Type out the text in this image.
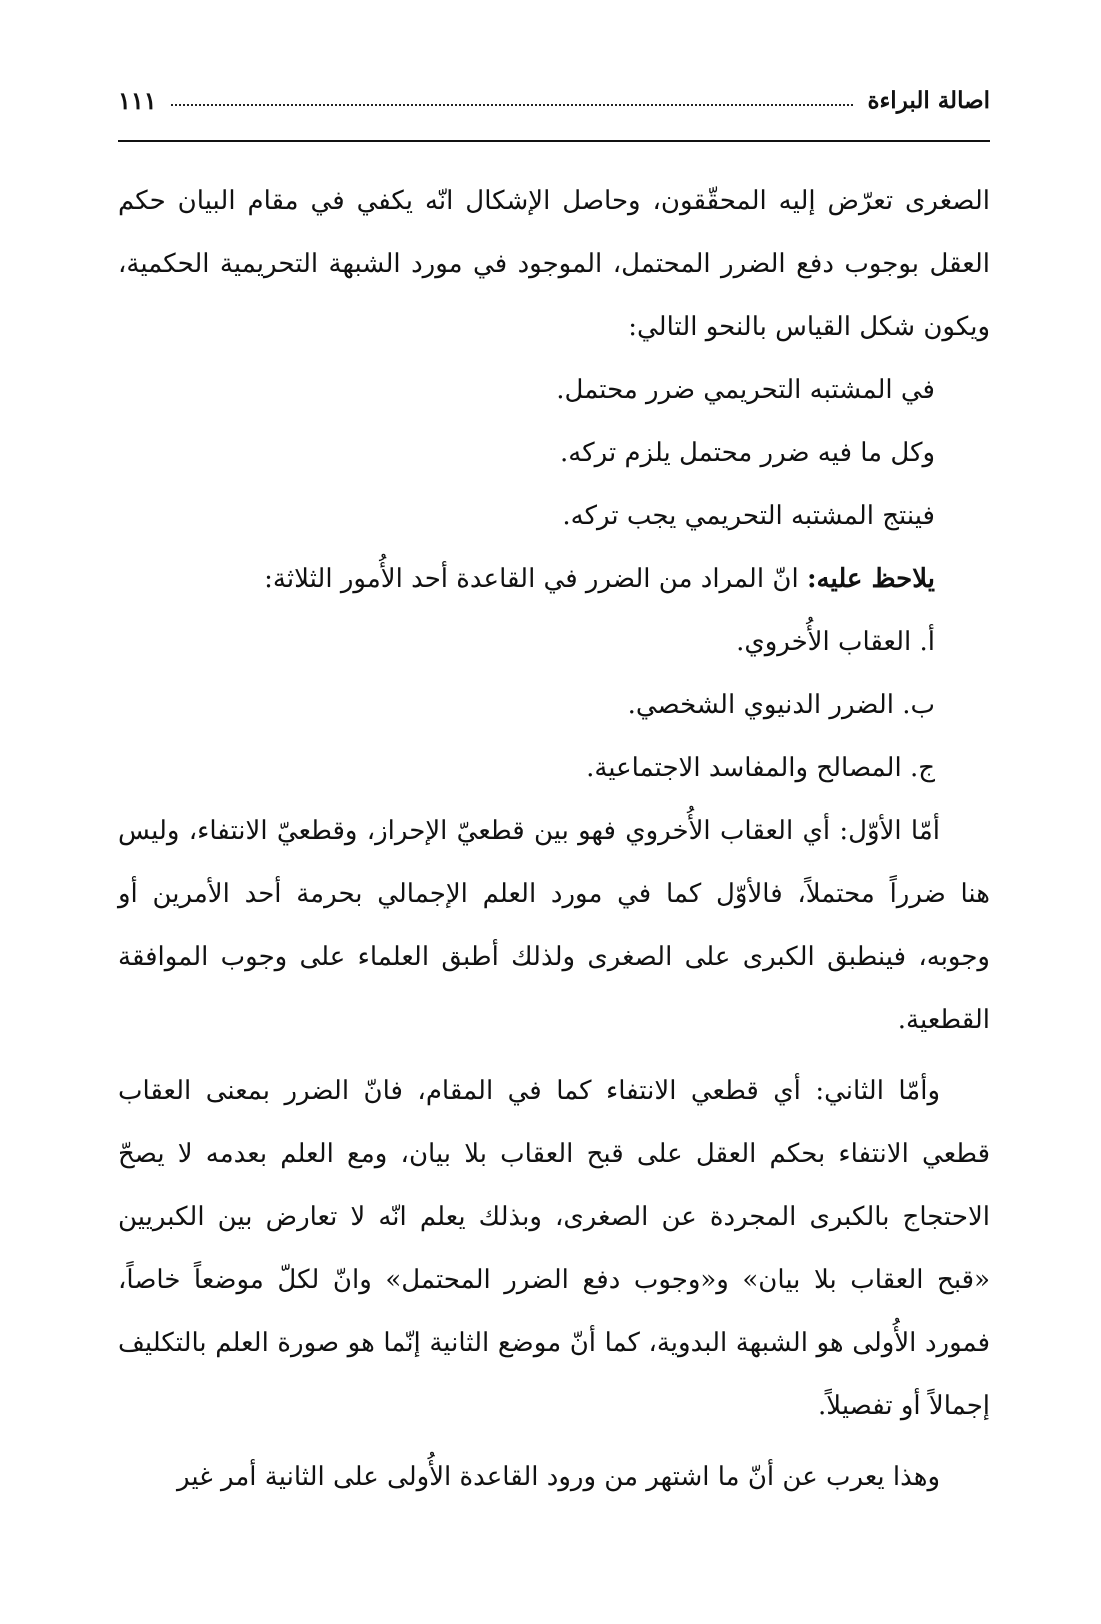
اصالة البراءة
١١١

الصغرى تعرّض إليه المحقّقون، وحاصل الإشكال انّه يكفي في مقام البيان حكم العقل بوجوب دفع الضرر المحتمل، الموجود في مورد الشبهة التحريمية الحكمية، ويكون شكل القياس بالنحو التالي:

في المشتبه التحريمي ضرر محتمل.

وكل ما فيه ضرر محتمل يلزم تركه.

فينتج المشتبه التحريمي يجب تركه.

يلاحظ عليه: انّ المراد من الضرر في القاعدة أحد الأُمور الثلاثة:

أ. العقاب الأُخروي.

ب. الضرر الدنيوي الشخصي.

ج. المصالح والمفاسد الاجتماعية.

أمّا الأوّل: أي العقاب الأُخروي فهو بين قطعيّ الإحراز، وقطعيّ الانتفاء، وليس هنا ضرراً محتملاً، فالأوّل كما في مورد العلم الإجمالي بحرمة أحد الأمرين أو وجوبه، فينطبق الكبرى على الصغرى ولذلك أطبق العلماء على وجوب الموافقة القطعية.

وأمّا الثاني: أي قطعي الانتفاء كما في المقام، فانّ الضرر بمعنى العقاب قطعي الانتفاء بحكم العقل على قبح العقاب بلا بيان، ومع العلم بعدمه لا يصحّ الاحتجاج بالكبرى المجردة عن الصغرى، وبذلك يعلم انّه لا تعارض بين الكبريين «قبح العقاب بلا بيان» و«وجوب دفع الضرر المحتمل» وانّ لكلّ موضعاً خاصاً، فمورد الأُولى هو الشبهة البدوية، كما أنّ موضع الثانية إنّما هو صورة العلم بالتكليف إجمالاً أو تفصيلاً.

وهذا يعرب عن أنّ ما اشتهر من ورود القاعدة الأُولى على الثانية أمر غير
